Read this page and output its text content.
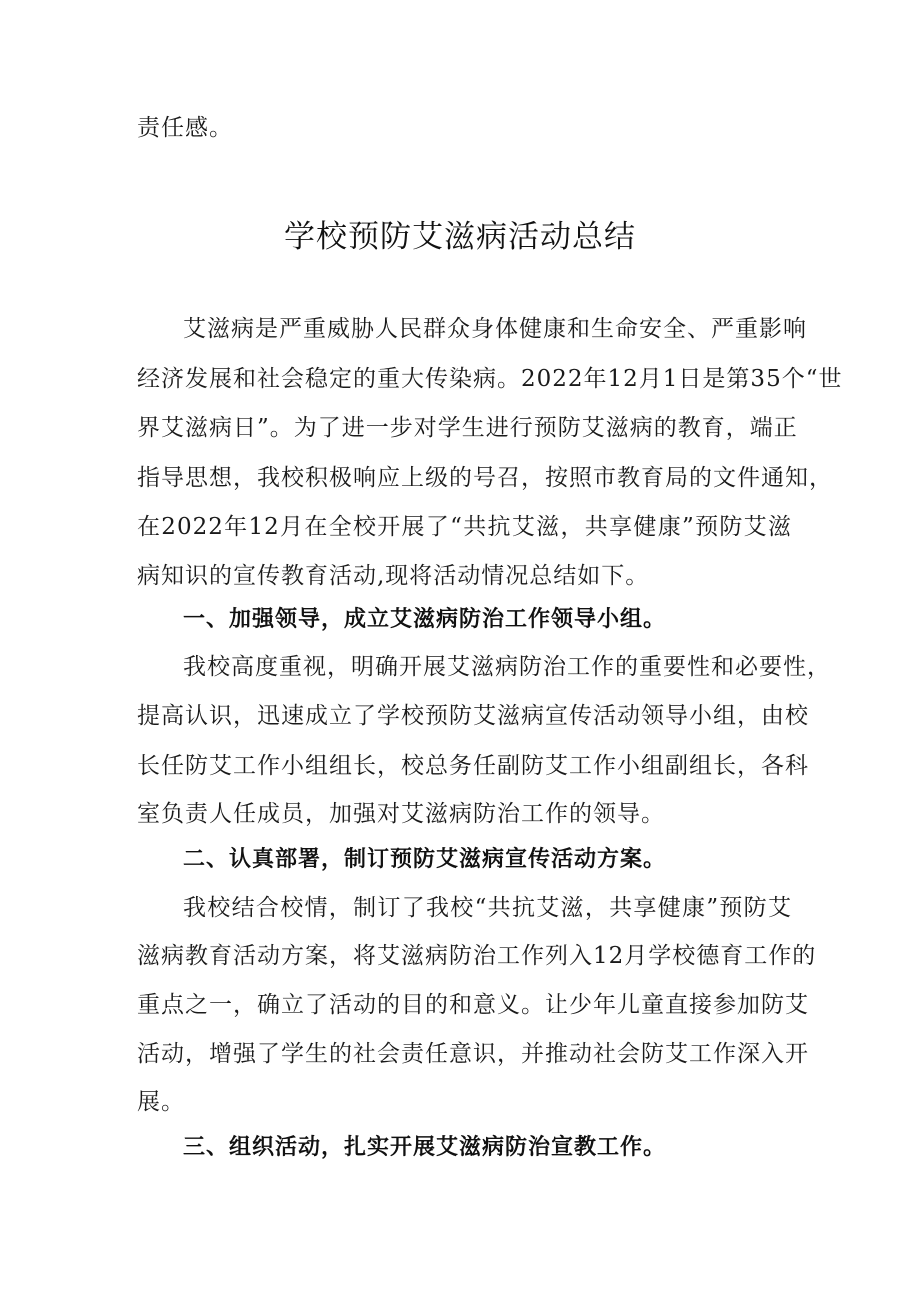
责任感。
学校预防艾滋病活动总结
艾滋病是严重威胁人民群众身体健康和生命安全、严重影响
经济发展和社会稳定的重大传染病。2022年12月1日是第35个“世
界艾滋病日”。为了进一步对学生进行预防艾滋病的教育，端正
指导思想，我校积极响应上级的号召，按照市教育局的文件通知，
在2022年12月在全校开展了“共抗艾滋，共享健康”预防艾滋
病知识的宣传教育活动,现将活动情况总结如下。
一、加强领导，成立艾滋病防治工作领导小组。
我校高度重视，明确开展艾滋病防治工作的重要性和必要性，
提高认识，迅速成立了学校预防艾滋病宣传活动领导小组，由校
长任防艾工作小组组长，校总务任副防艾工作小组副组长，各科
室负责人任成员，加强对艾滋病防治工作的领导。
二、认真部署，制订预防艾滋病宣传活动方案。
我校结合校情，制订了我校“共抗艾滋，共享健康”预防艾
滋病教育活动方案，将艾滋病防治工作列入12月学校德育工作的
重点之一，确立了活动的目的和意义。让少年儿童直接参加防艾
活动，增强了学生的社会责任意识，并推动社会防艾工作深入开
展。
三、组织活动，扎实开展艾滋病防治宣教工作。
